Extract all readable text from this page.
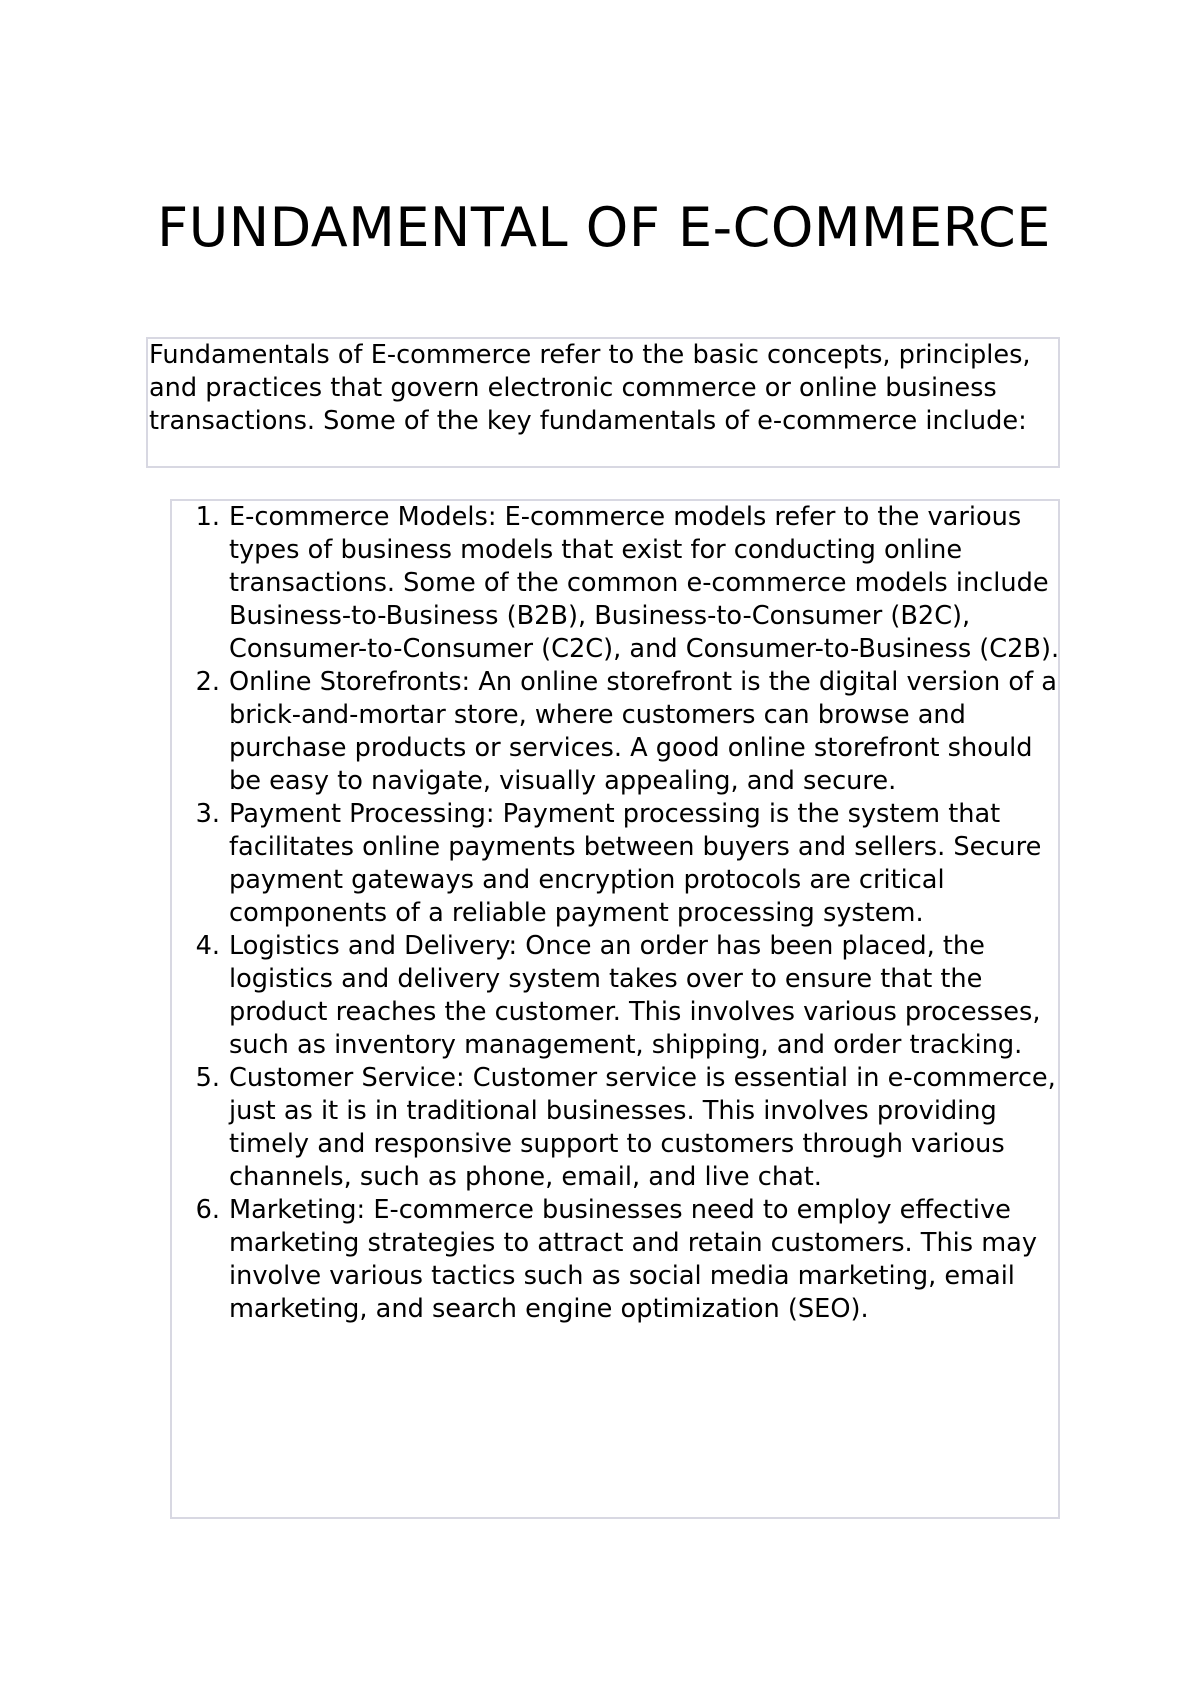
FUNDAMENTAL OF E-COMMERCE

Fundamentals of E-commerce refer to the basic concepts, principles, and practices that govern electronic commerce or online business transactions. Some of the key fundamentals of e-commerce include:

1. E-commerce Models: E-commerce models refer to the various types of business models that exist for conducting online transactions. Some of the common e-commerce models include Business-to-Business (B2B), Business-to-Consumer (B2C), Consumer-to-Consumer (C2C), and Consumer-to-Business (C2B).
2. Online Storefronts: An online storefront is the digital version of a brick-and-mortar store, where customers can browse and purchase products or services. A good online storefront should be easy to navigate, visually appealing, and secure.
3. Payment Processing: Payment processing is the system that facilitates online payments between buyers and sellers. Secure payment gateways and encryption protocols are critical components of a reliable payment processing system.
4. Logistics and Delivery: Once an order has been placed, the logistics and delivery system takes over to ensure that the product reaches the customer. This involves various processes, such as inventory management, shipping, and order tracking.
5. Customer Service: Customer service is essential in e-commerce, just as it is in traditional businesses. This involves providing timely and responsive support to customers through various channels, such as phone, email, and live chat.
6. Marketing: E-commerce businesses need to employ effective marketing strategies to attract and retain customers. This may involve various tactics such as social media marketing, email marketing, and search engine optimization (SEO).
